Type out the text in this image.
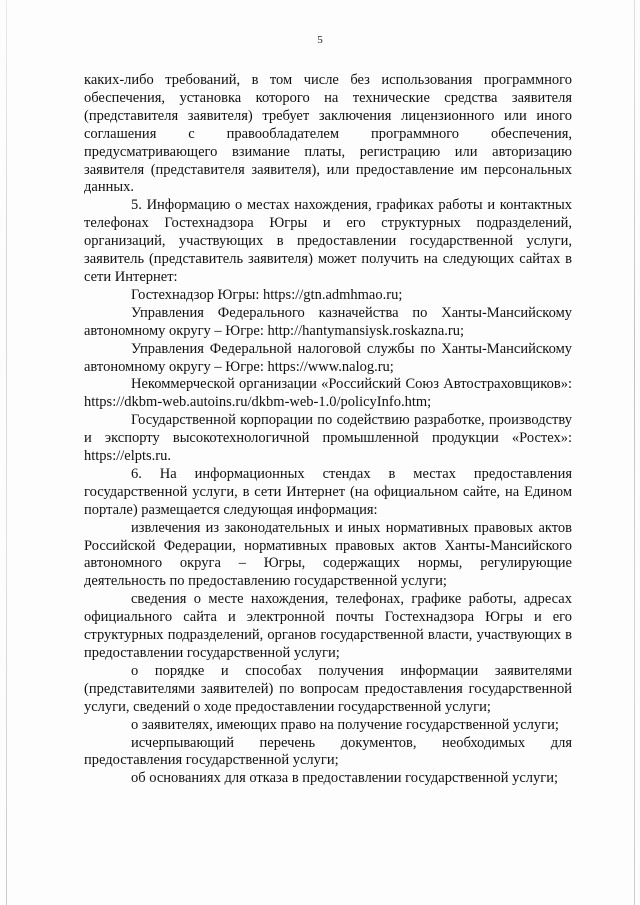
5

каких-либо требований, в том числе без использования программного обеспечения, установка которого на технические средства заявителя (представителя заявителя) требует заключения лицензионного или иного соглашения с правообладателем программного обеспечения, предусматривающего взимание платы, регистрацию или авторизацию заявителя (представителя заявителя), или предоставление им персональных данных.

5. Информацию о местах нахождения, графиках работы и контактных телефонах Гостехнадзора Югры и его структурных подразделений, организаций, участвующих в предоставлении государственной услуги, заявитель (представитель заявителя) может получить на следующих сайтах в сети Интернет:

Гостехнадзор Югры: https://gtn.admhmao.ru;

Управления Федерального казначейства по Ханты-Мансийскому автономному округу – Югре: http://hantymansiysk.roskazna.ru;

Управления Федеральной налоговой службы по Ханты-Мансийскому автономному округу – Югре: https://www.nalog.ru;

Некоммерческой организации «Российский Союз Автостраховщиков»: https://dkbm-web.autoins.ru/dkbm-web-1.0/policyInfo.htm;

Государственной корпорации по содействию разработке, производству и экспорту высокотехнологичной промышленной продукции «Ростех»: https://elpts.ru.

6. На информационных стендах в местах предоставления государственной услуги, в сети Интернет (на официальном сайте, на Едином портале) размещается следующая информация:

извлечения из законодательных и иных нормативных правовых актов Российской Федерации, нормативных правовых актов Ханты-Мансийского автономного округа – Югры, содержащих нормы, регулирующие деятельность по предоставлению государственной услуги;

сведения о месте нахождения, телефонах, графике работы, адресах официального сайта и электронной почты Гостехнадзора Югры и его структурных подразделений, органов государственной власти, участвующих в предоставлении государственной услуги;

о порядке и способах получения информации заявителями (представителями заявителей) по вопросам предоставления государственной услуги, сведений о ходе предоставлении государственной услуги;

о заявителях, имеющих право на получение государственной услуги;

исчерпывающий перечень документов, необходимых для предоставления государственной услуги;

об основаниях для отказа в предоставлении государственной услуги;
